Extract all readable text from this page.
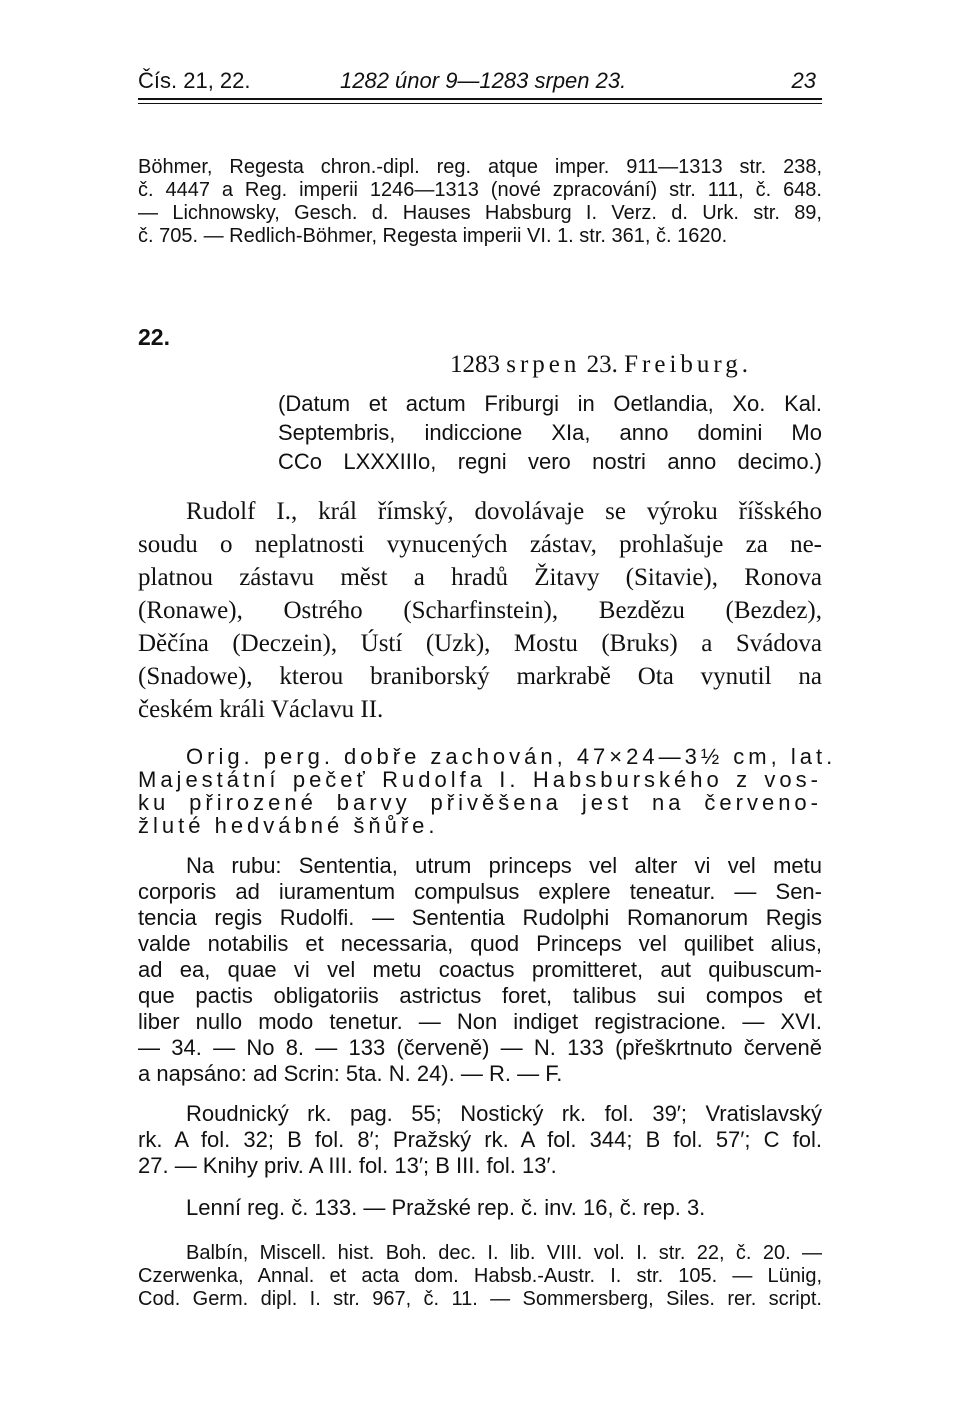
Čís. 21, 22.	1282 únor 9—1283 srpen 23.	23
Böhmer, Regesta chron.-dipl. reg. atque imper. 911—1313 str. 238,
č. 4447 a Reg. imperii 1246—1313 (nové zpracování) str. 111, č. 648.
— Lichnowsky, Gesch. d. Hauses Habsburg I. Verz. d. Urk. str. 89,
č. 705. — Redlich-Böhmer, Regesta imperii VI. 1. str. 361, č. 1620.
22.
1283 srpen 23. Freiburg.
(Datum et actum Friburgi in Oetlandia, Xo. Kal.
Septembris, indiccione XIa, anno domini Mo
CCo LXXXIIIo, regni vero nostri anno decimo.)
Rudolf I., král římský, dovolávaje se výroku říšského
soudu o neplatnosti vynucených zástav, prohlašuje za ne-
platnou zástavu měst a hradů Žitavy (Sitavie), Ronova
(Ronawe), Ostrého (Scharfinstein), Bezdězu (Bezdez),
Děčína (Deczein), Ústí (Uzk), Mostu (Bruks) a Svádova
(Snadowe), kterou braniborský markrabě Ota vynutil na
českém králi Václavu II.
Orig. perg. dobře zachován, 47×24—3½ cm, lat.
Majestátní pečeť Rudolfa I. Habsburského z vos-
ku přirozené barvy přivěšena jest na červeno-
žluté hedvábné šňůře.
Na rubu: Sententia, utrum princeps vel alter vi vel metu
corporis ad iuramentum compulsus explere teneatur. — Sen-
tencia regis Rudolfi. — Sententia Rudolphi Romanorum Regis
valde notabilis et necessaria, quod Princeps vel quilibet alius,
ad ea, quae vi vel metu coactus promitteret, aut quibuscum-
que pactis obligatoriis astrictus foret, talibus sui compos et
liber nullo modo tenetur. — Non indiget registracione. — XVI.
— 34. — No 8. — 133 (červeně) — N. 133 (přeškrtnuto červeně
a napsáno: ad Scrin: 5ta. N. 24). — R. — F.
Roudnický rk. pag. 55; Nostický rk. fol. 39′; Vratislavský
rk. A fol. 32; B fol. 8′; Pražský rk. A fol. 344; B fol. 57′; C fol.
27. — Knihy priv. A III. fol. 13′; B III. fol. 13′.
Lenní reg. č. 133. — Pražské rep. č. inv. 16, č. rep. 3.
Balbín, Miscell. hist. Boh. dec. I. lib. VIII. vol. I. str. 22, č. 20. —
Czerwenka, Annal. et acta dom. Habsb.-Austr. I. str. 105. — Lünig,
Cod. Germ. dipl. I. str. 967, č. 11. — Sommersberg, Siles. rer. script.
